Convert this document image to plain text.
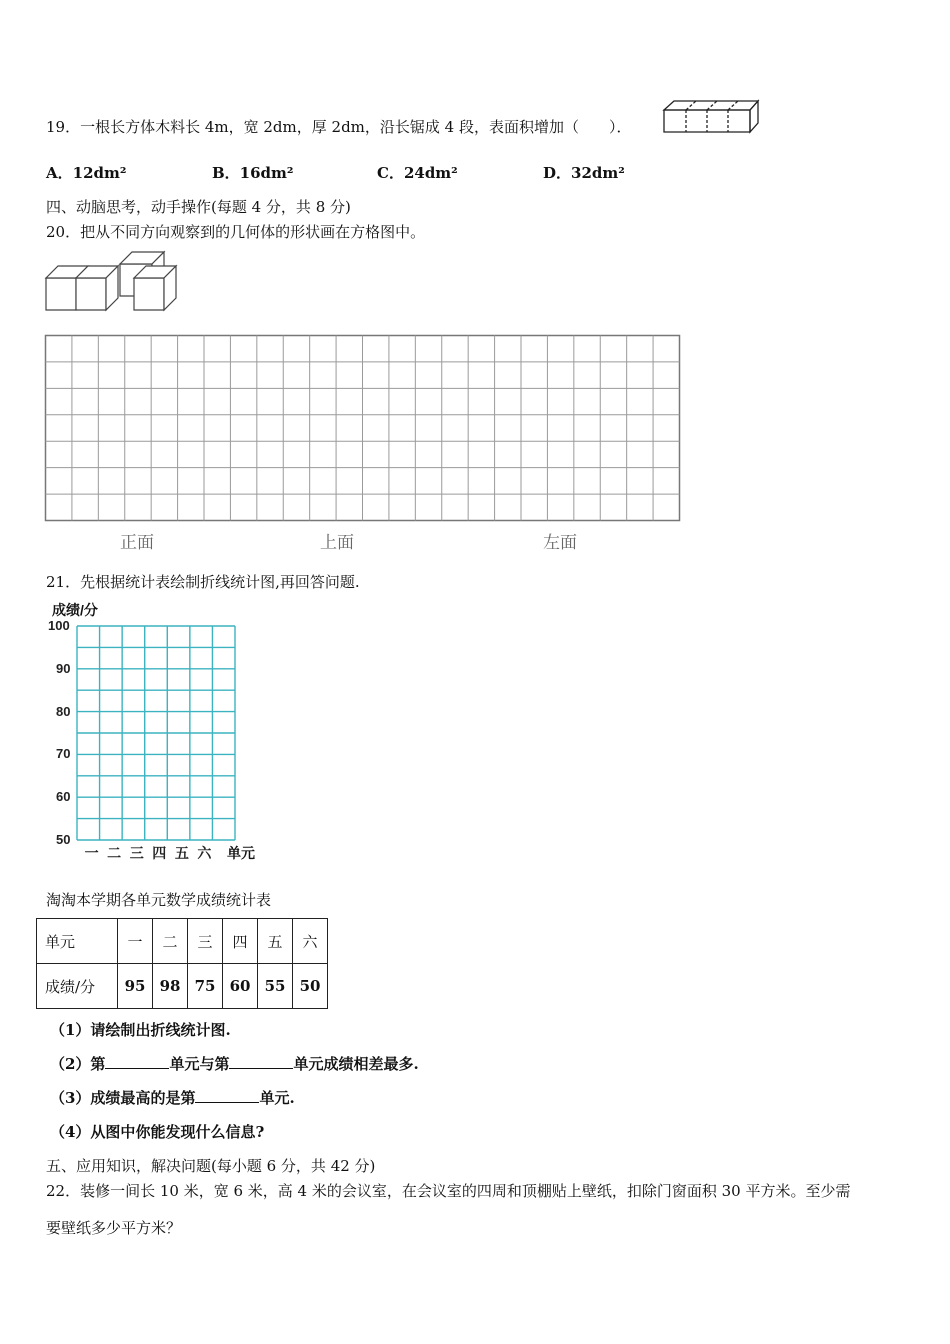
19．一根长方体木料长 4m，宽 2dm，厚 2dm，沿长锯成 4 段，表面积增加（　　）．
A．12dm²	B．16dm²	C．24dm²	D．32dm²
四、动脑思考，动手操作(每题 4 分，共 8 分)
20．把从不同方向观察到的几何体的形状画在方格图中。
正面	上面	左面
21．先根据统计表绘制折线统计图,再回答问题.
成绩/分
100
90
80
70
60
50
一 二 三 四 五 六 单元
淘淘本学期各单元数学成绩统计表
单元	一	二	三	四	五	六
成绩/分	95	98	75	60	55	50
（1）请绘制出折线统计图.
（2）第	单元与第	单元成绩相差最多.
（3）成绩最高的是第	单元.
（4）从图中你能发现什么信息?
五、应用知识，解决问题(每小题 6 分，共 42 分)
22．装修一间长 10 米，宽 6 米，高 4 米的会议室，在会议室的四周和顶棚贴上壁纸，扣除门窗面积 30 平方米。至少需
要壁纸多少平方米？
